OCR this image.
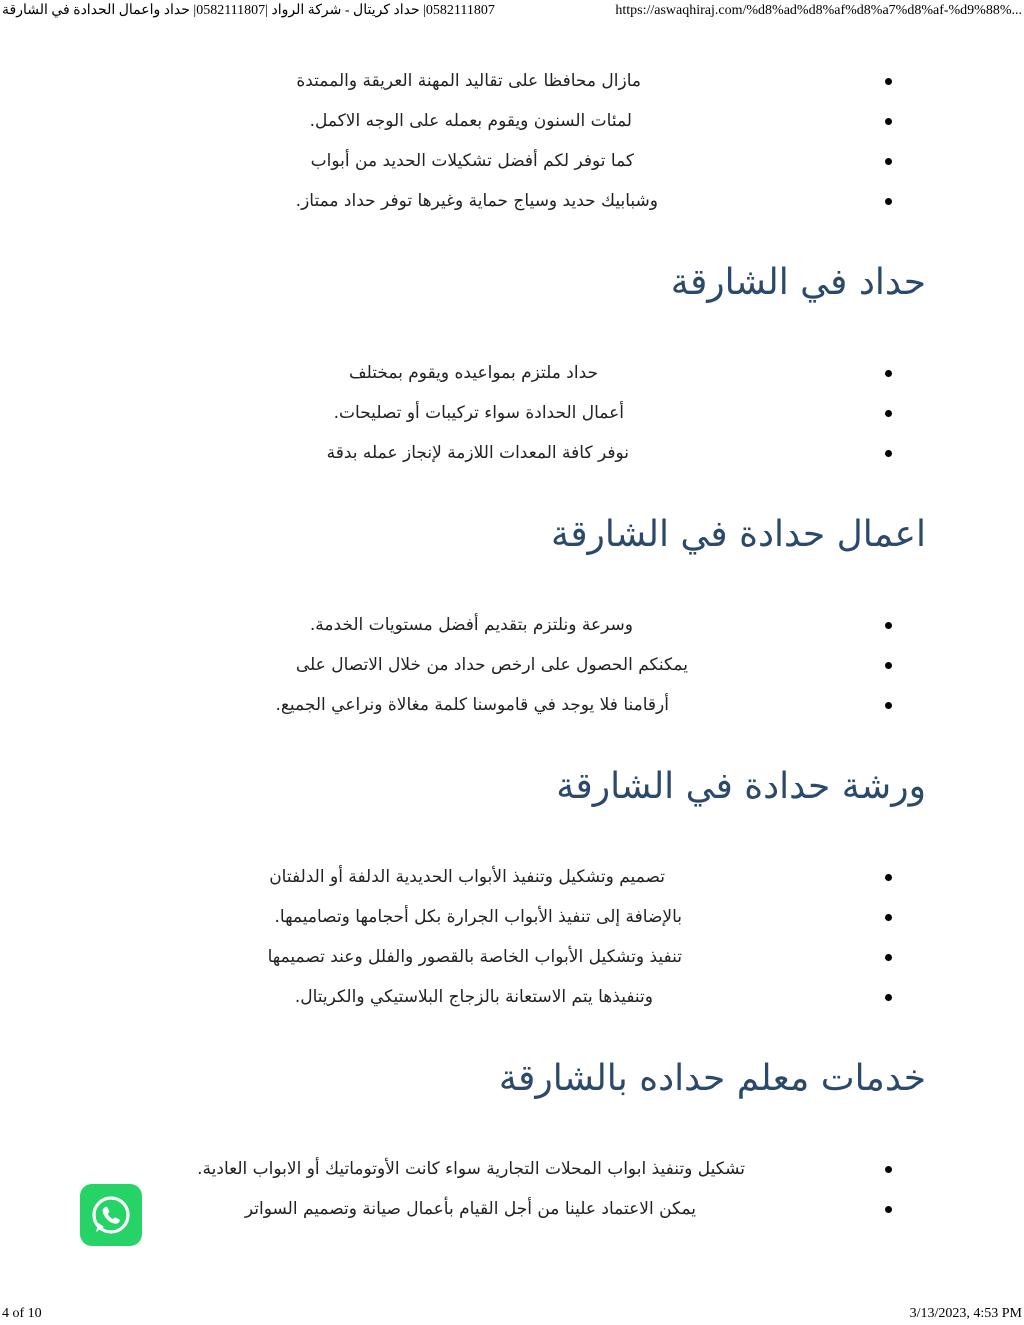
0582111807| حداد كريتال - شركة الرواد |0582111807| حداد واعمال الحدادة في الشارقة	https://aswaqhiraj.com/%d8%ad%d8%af%d8%a7%d8%af-%d9%88%...
مازال محافظا على تقاليد المهنة العريقة والممتدة
لمئات السنون ويقوم بعمله على الوجه الاكمل.
كما توفر لكم أفضل تشكيلات الحديد من أبواب
وشبابيك حديد وسياج حماية وغيرها توفر حداد ممتاز.
حداد في الشارقة
حداد ملتزم بمواعيده ويقوم بمختلف
أعمال الحدادة سواء تركيبات أو تصليحات.
نوفر كافة المعدات اللازمة لإنجاز عمله بدقة
اعمال حدادة في الشارقة
وسرعة ونلتزم بتقديم أفضل مستويات الخدمة.
يمكنكم الحصول على ارخص حداد من خلال الاتصال على
أرقامنا فلا يوجد في قاموسنا كلمة مغالاة ونراعي الجميع.
ورشة حدادة في الشارقة
تصميم وتشكيل وتنفيذ الأبواب الحديدية الدلفة أو الدلفتان
بالإضافة إلى تنفيذ الأبواب الجرارة بكل أحجامها وتصاميمها.
تنفيذ وتشكيل الأبواب الخاصة بالقصور والفلل وعند تصميمها
وتنفيذها يتم الاستعانة بالزجاج البلاستيكي والكريتال.
خدمات معلم حداده بالشارقة
تشكيل وتنفيذ ابواب المحلات التجارية سواء كانت الأوتوماتيك أو الابواب العادية.
يمكن الاعتماد علينا من أجل القيام بأعمال صيانة وتصميم السواتر
4 of 10	3/13/2023, 4:53 PM
